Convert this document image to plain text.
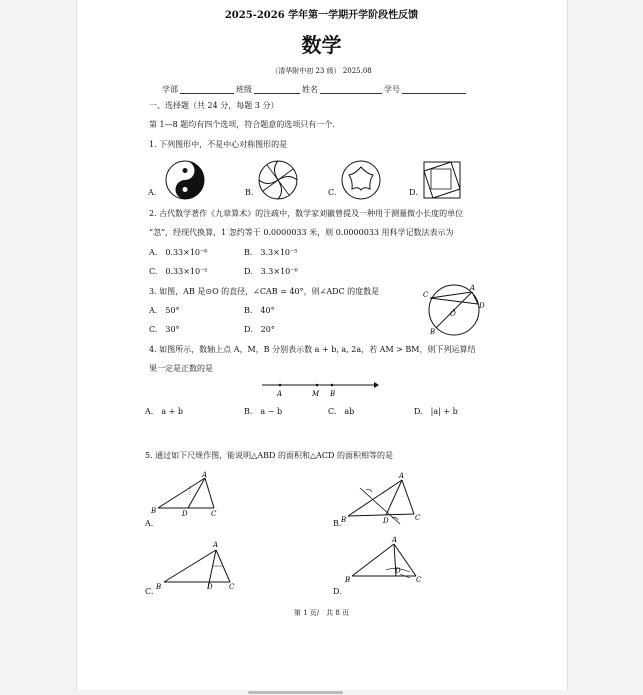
2025-2026 学年第一学期开学阶段性反馈
数学
（清华附中初 23 级） 2025.08
学部	班级	姓名	学号
一、选择题（共 24 分，每题 3 分）
第 1—8 题均有四个选项，符合题意的选项只有一个.
1. 下列图形中，不是中心对称图形的是
A.	B.	C.	D.
2. 古代数学著作《九章算术》的注疏中，数学家刘徽曾提及一种用于测量微小长度的单位
“忽”，经现代换算，1 忽约等于 0.0000033 米，则 0.0000033 用科学记数法表示为
A.　0.33×10⁻⁶	B.　3.3×10⁻⁵
C.　0.33×10⁻⁵	D.　3.3×10⁻⁶
3. 如图，AB 是⊙O 的直径，∠CAB = 40°，则∠ADC 的度数是
A.　50°	B.　40°
C.　30°	D.　20°
C
A
D
O
B
4. 如图所示，数轴上点 A，M，B 分别表示数 a + b, a, 2a，若 AM > BM，则下列运算结
果一定是正数的是
A	M B
A.　a + b	B.　a − b	C.　ab	D.　|a| + b
5. 通过如下尺规作图，能说明△ABD 的面积和△ACD 的面积相等的是
A
B	C
D
A.
A
B	C
D
B.
A
B	C
D
C.
A
B	C
D
D.
第 1 页/　共 8 页
